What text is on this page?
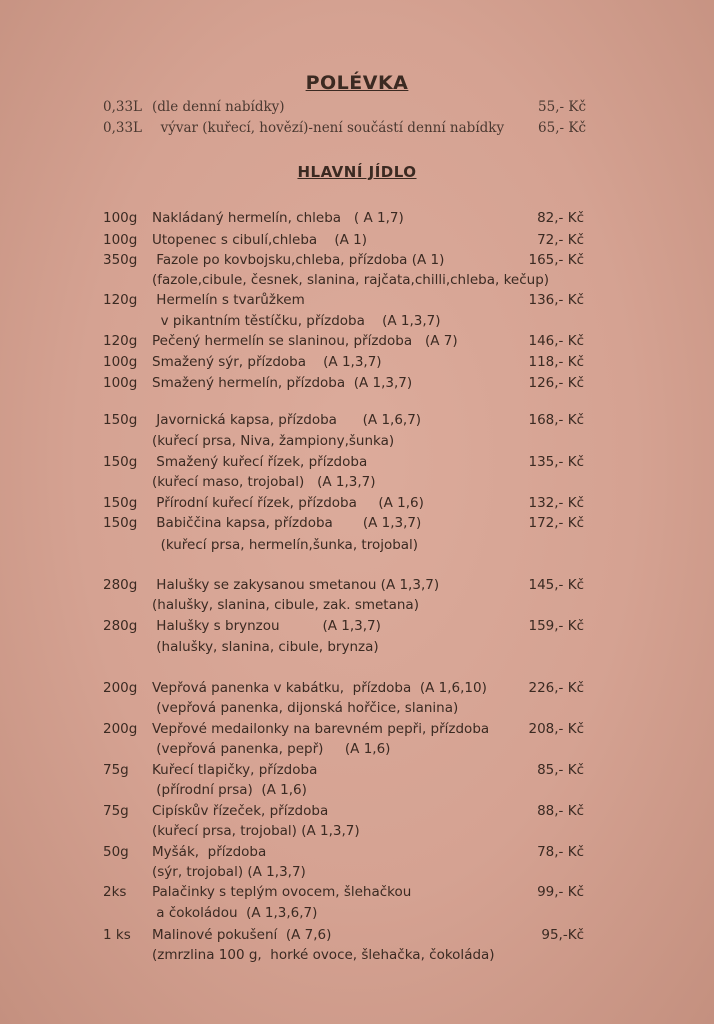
POLÉVKA
0,33L (dle denní nabídky)	55,- Kč
0,33L vývar (kuřecí, hovězí)-není součástí denní nabídky	65,- Kč
HLAVNÍ JÍDLO
100g Nakládaný hermelín, chleba   ( A 1,7)	82,- Kč
100g Utopenec s cibulí,chleba    (A 1)	72,- Kč
350g Fazole po kovbojsku,chleba, přízdoba (A 1)	165,- Kč
(fazole,cibule, česnek, slanina, rajčata,chilli,chleba, kečup)
120g Hermelín s tvarůžkem	136,- Kč
v pikantním těstíčku, přízdoba    (A 1,3,7)
120g Pečený hermelín se slaninou, přízdoba   (A 7)	146,- Kč
100g Smažený sýr, přízdoba    (A 1,3,7)	118,- Kč
100g Smažený hermelín, přízdoba  (A 1,3,7)	126,- Kč
150g Javornická kapsa, přízdoba      (A 1,6,7)	168,- Kč
(kuřecí prsa, Niva, žampiony,šunka)
150g Smažený kuřecí řízek, přízdoba	135,- Kč
(kuřecí maso, trojobal)   (A 1,3,7)
150g Přírodní kuřecí řízek, přízdoba     (A 1,6)	132,- Kč
150g Babiččina kapsa, přízdoba       (A 1,3,7)	172,- Kč
(kuřecí prsa, hermelín,šunka, trojobal)
280g Halušky se zakysanou smetanou (A 1,3,7)	145,- Kč
(halušky, slanina, cibule, zak. smetana)
280g Halušky s brynzou          (A 1,3,7)	159,- Kč
(halušky, slanina, cibule, brynza)
200g Vepřová panenka v kabátku,  přízdoba  (A 1,6,10)	226,- Kč
(vepřová panenka, dijonská hořčice, slanina)
200g Vepřové medailonky na barevném pepři, přízdoba	208,- Kč
(vepřová panenka, pepř)     (A 1,6)
75g Kuřecí tlapičky, přízdoba	85,- Kč
(přírodní prsa)  (A 1,6)
75g Cipískův řízeček, přízdoba	88,- Kč
(kuřecí prsa, trojobal) (A 1,3,7)
50g Myšák,  přízdoba	78,- Kč
(sýr, trojobal) (A 1,3,7)
2ks Palačinky s teplým ovocem, šlehačkou	99,- Kč
a čokoládou  (A 1,3,6,7)
1 ks Malinové pokušení  (A 7,6)	95,-Kč
(zmrzlina 100 g,  horké ovoce, šlehačka, čokoláda)
